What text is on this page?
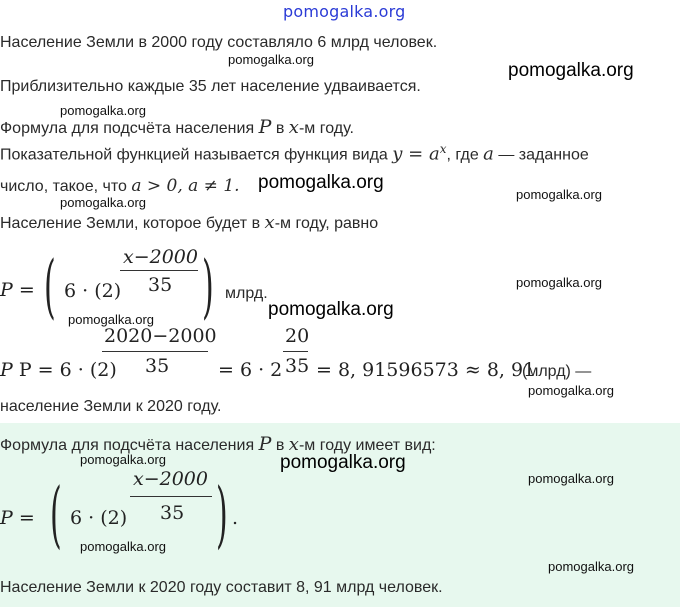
pomogalka.org
Население Земли в 2000 году составляло 6 млрд человек.
pomogalka.org
Приблизительно каждые 35 лет население удваивается.
pomogalka.org
pomogalka.org
Формула для подсчёта населения P в x-м году.
Показательной функцией называется функция вида $y = a^x$, где a — заданное
число, такое, что a > 0, a ≠ 1. pomogalka.org
pomogalka.org
pomogalka.org
Население Земли, которое будет в x-м году, равно
P = ( 6 · (2)
x−2000
35 ) млрд.
pomogalka.org
pomogalka.org
pomogalka.org
P P = 6 · (2)
2020−2000
35	= 6 · 2
20
35 = 8, 91596573 ≈ 8, 91
(млрд) —
pomogalka.org
население Земли к 2020 году.
Формула для подсчёта населения P в x-м году имеет вид:
pomogalka.org	pomogalka.org
pomogalka.org
P = ( 6 · (2)
x−2000
35 ) .
pomogalka.org
pomogalka.org
Население Земли к 2020 году составит 8, 91 млрд человек.
